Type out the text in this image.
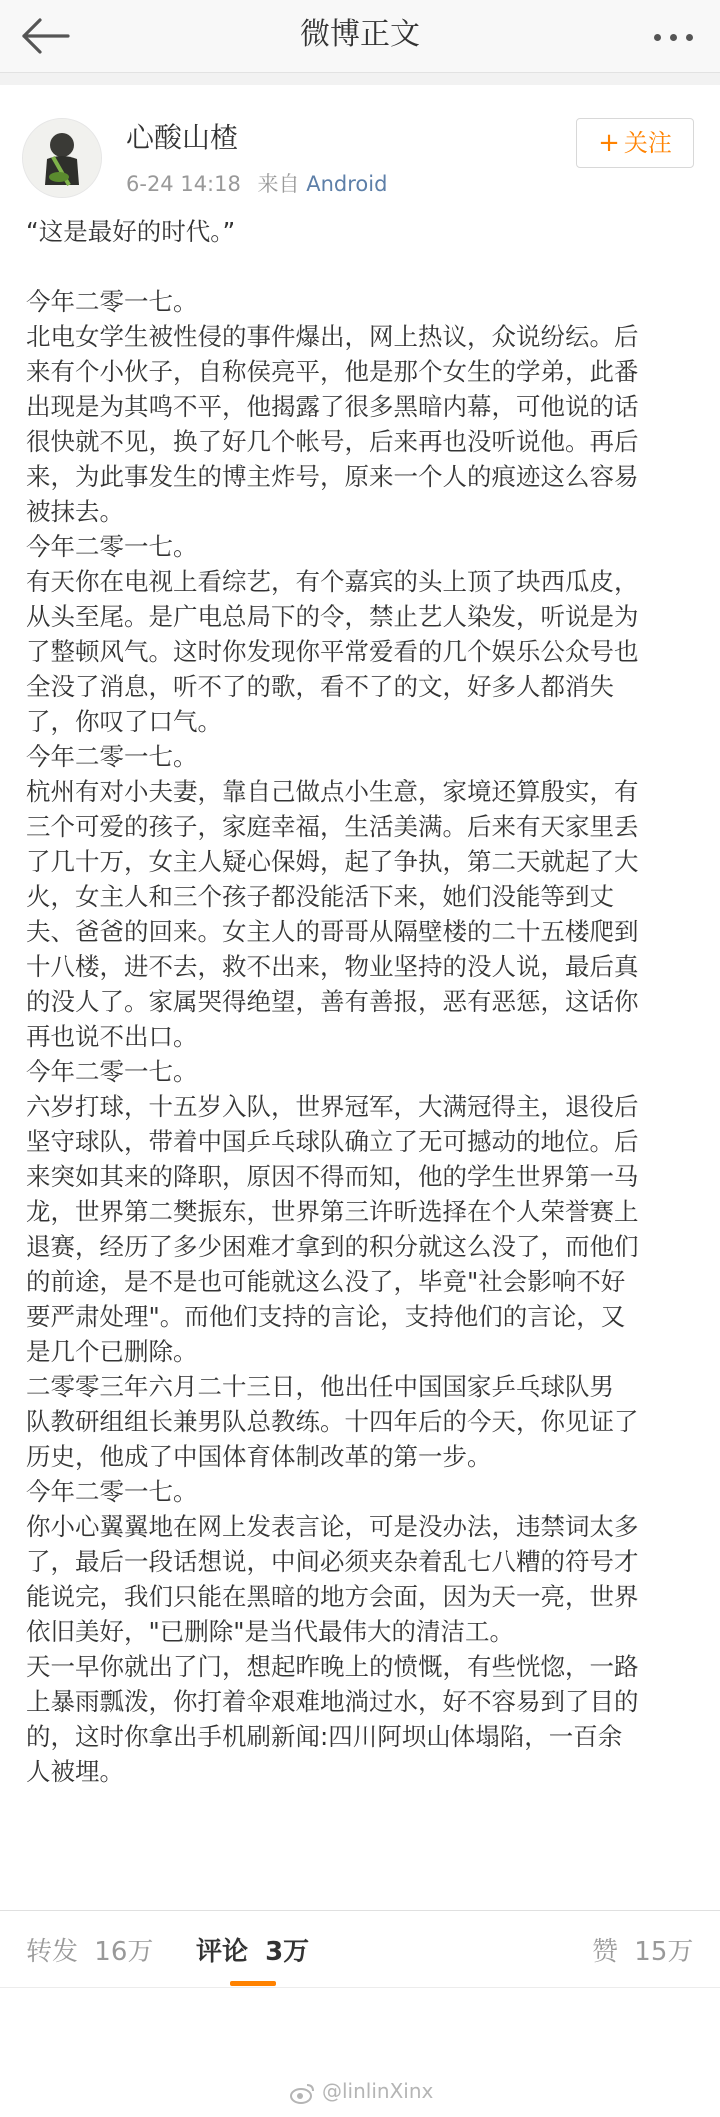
微博正文
心酸山楂
6-24 14:18 来自 Android
+ 关注

“这是最好的时代。”

今年二零一七。

北电女学生被性侵的事件爆出，网上热议，众说纷纭。后

来有个小伙子，自称侯亮平，他是那个女生的学弟，此番

出现是为其鸣不平，他揭露了很多黑暗内幕，可他说的话

很快就不见，换了好几个帐号，后来再也没听说他。再后

来，为此事发生的博主炸号，原来一个人的痕迹这么容易

被抹去。

今年二零一七。

有天你在电视上看综艺，有个嘉宾的头上顶了块西瓜皮，

从头至尾。是广电总局下的令，禁止艺人染发，听说是为

了整顿风气。这时你发现你平常爱看的几个娱乐公众号也

全没了消息，听不了的歌，看不了的文，好多人都消失

了，你叹了口气。

今年二零一七。

杭州有对小夫妻，靠自己做点小生意，家境还算殷实，有

三个可爱的孩子，家庭幸福，生活美满。后来有天家里丢

了几十万，女主人疑心保姆，起了争执，第二天就起了大

火，女主人和三个孩子都没能活下来，她们没能等到丈

夫、爸爸的回来。女主人的哥哥从隔壁楼的二十五楼爬到

十八楼，进不去，救不出来，物业坚持的没人说，最后真

的没人了。家属哭得绝望，善有善报，恶有恶惩，这话你

再也说不出口。

今年二零一七。

六岁打球，十五岁入队，世界冠军，大满冠得主，退役后

坚守球队，带着中国乒乓球队确立了无可撼动的地位。后

来突如其来的降职，原因不得而知，他的学生世界第一马

龙，世界第二樊振东，世界第三许昕选择在个人荣誉赛上

退赛，经历了多少困难才拿到的积分就这么没了，而他们

的前途，是不是也可能就这么没了，毕竟"社会影响不好

要严肃处理"。而他们支持的言论，支持他们的言论，又

是几个已删除。

二零零三年六月二十三日，他出任中国国家乒乓球队男

队教研组组长兼男队总教练。十四年后的今天，你见证了

历史，他成了中国体育体制改革的第一步。

今年二零一七。

你小心翼翼地在网上发表言论，可是没办法，违禁词太多

了，最后一段话想说，中间必须夹杂着乱七八糟的符号才

能说完，我们只能在黑暗的地方会面，因为天一亮，世界

依旧美好，"已删除"是当代最伟大的清洁工。

天一早你就出了门，想起昨晚上的愤慨，有些恍惚，一路

上暴雨瓢泼，你打着伞艰难地淌过水，好不容易到了目的

的，这时你拿出手机刷新闻:四川阿坝山体塌陷，一百余

人被埋。

转发 16万 评论 3万	赞 15万
@linlinXinx
